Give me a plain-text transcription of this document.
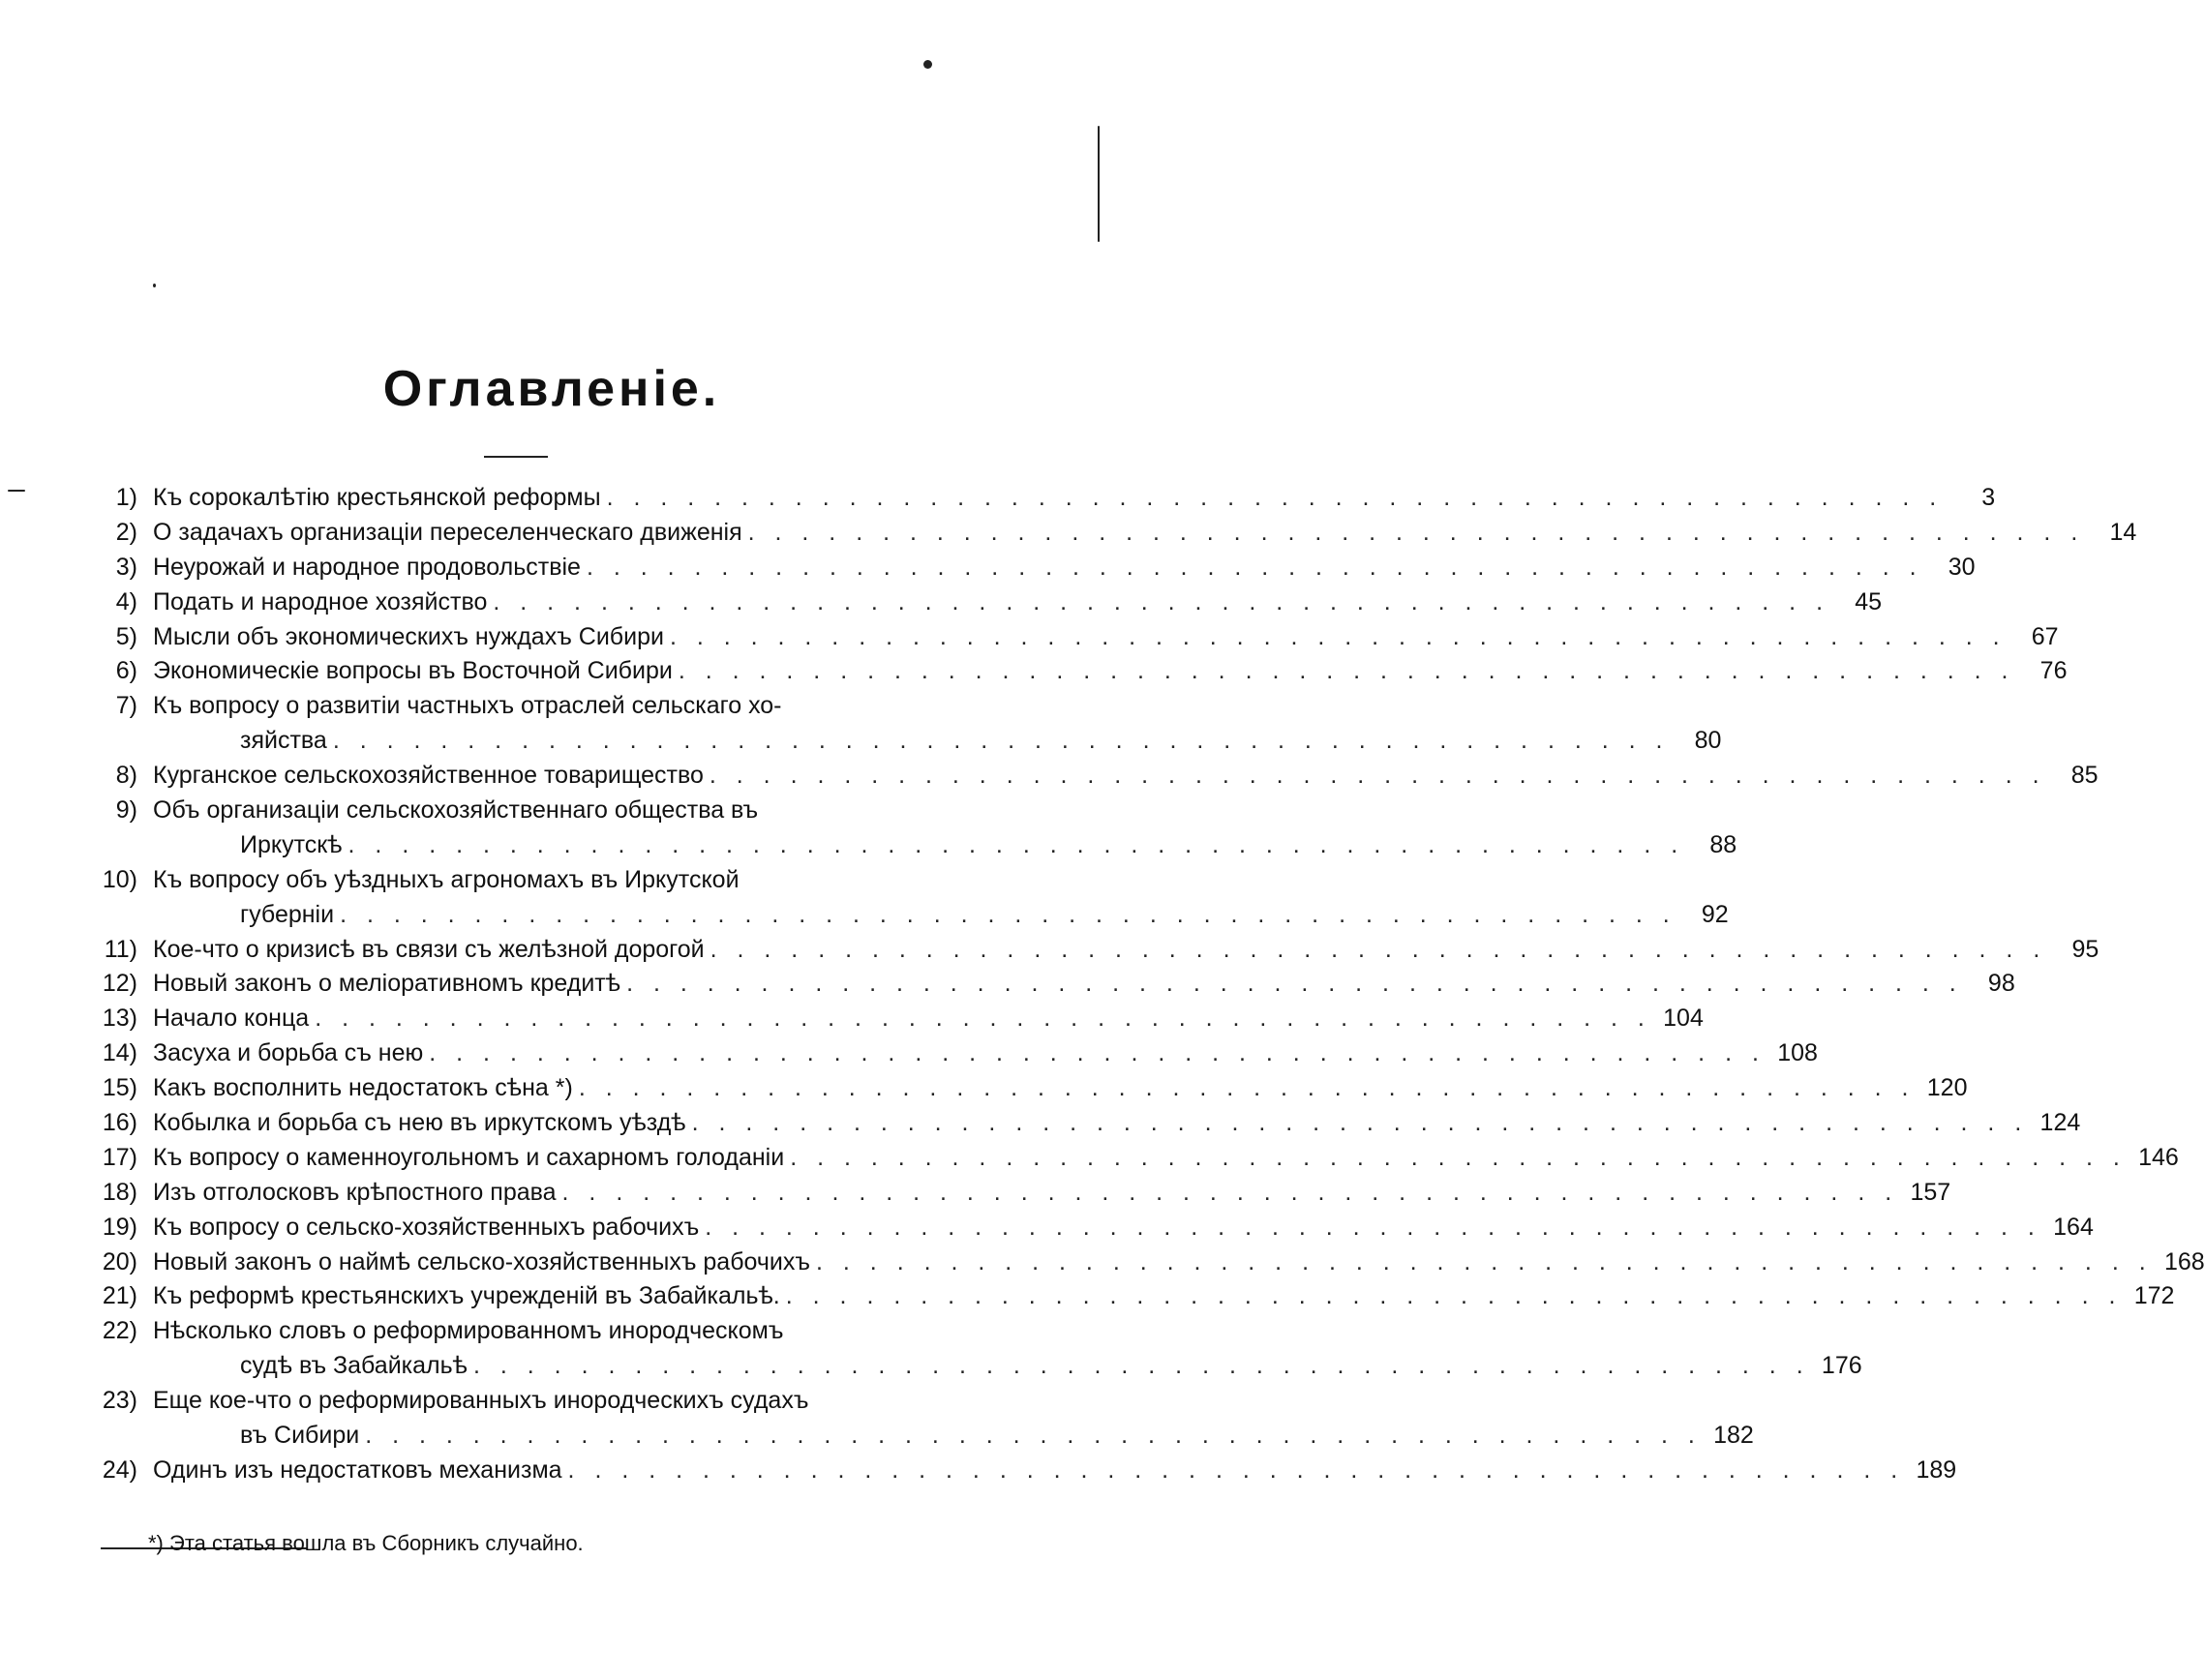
Оглавленіе.
1) Къ сорокалѣтію крестьянской реформы . . . . . . . . . . . . . . . . . . . . . . . . . . . . . . . . . . . . . . . . . . . . . . . . . .	3
2) О задачахъ организаціи переселенческаго движенія . . . . . . . . . . . . . . . . . . . . . . . . . . . . . . . . . . . . . . . . . . . . . . . . . .	14
3) Неурожай и народное продовольствіе . . . . . . . . . . . . . . . . . . . . . . . . . . . . . . . . . . . . . . . . . . . . . . . . . .	30
4) Подать и народное хозяйство . . . . . . . . . . . . . . . . . . . . . . . . . . . . . . . . . . . . . . . . . . . . . . . . . .	45
5) Мысли объ экономическихъ нуждахъ Сибири . . . . . . . . . . . . . . . . . . . . . . . . . . . . . . . . . . . . . . . . . . . . . . . . . .	67
6) Экономическіе вопросы въ Восточной Сибири . . . . . . . . . . . . . . . . . . . . . . . . . . . . . . . . . . . . . . . . . . . . . . . . . .	76
7) Къ вопросу о развитіи частныхъ отраслей сельскаго хо-
зяйства . . . . . . . . . . . . . . . . . . . . . . . . . . . . . . . . . . . . . . . . . . . . . . . . . .	80
8) Курганское сельскохозяйственное товарищество . . . . . . . . . . . . . . . . . . . . . . . . . . . . . . . . . . . . . . . . . . . . . . . . . .	85
9) Объ организаціи сельскохозяйственнаго общества въ
Иркутскѣ . . . . . . . . . . . . . . . . . . . . . . . . . . . . . . . . . . . . . . . . . . . . . . . . . .	88
10) Къ вопросу объ уѣздныхъ агрономахъ въ Иркутской
губерніи . . . . . . . . . . . . . . . . . . . . . . . . . . . . . . . . . . . . . . . . . . . . . . . . . .	92
11) Кое-что о кризисѣ въ связи съ желѣзной дорогой . . . . . . . . . . . . . . . . . . . . . . . . . . . . . . . . . . . . . . . . . . . . . . . . . .	95
12) Новый законъ о меліоративномъ кредитѣ . . . . . . . . . . . . . . . . . . . . . . . . . . . . . . . . . . . . . . . . . . . . . . . . . .	98
13) Начало конца . . . . . . . . . . . . . . . . . . . . . . . . . . . . . . . . . . . . . . . . . . . . . . . . . . 104
14) Засуха и борьба съ нею . . . . . . . . . . . . . . . . . . . . . . . . . . . . . . . . . . . . . . . . . . . . . . . . . . 108
15) Какъ восполнить недостатокъ сѣна *) . . . . . . . . . . . . . . . . . . . . . . . . . . . . . . . . . . . . . . . . . . . . . . . . . . 120
16) Кобылка и борьба съ нею въ иркутскомъ уѣздѣ . . . . . . . . . . . . . . . . . . . . . . . . . . . . . . . . . . . . . . . . . . . . . . . . . . 124
17) Къ вопросу о каменноугольномъ и сахарномъ голоданіи . . . . . . . . . . . . . . . . . . . . . . . . . . . . . . . . . . . . . . . . . . . . . . . . . . 146
18) Изъ отголосковъ крѣпостного права . . . . . . . . . . . . . . . . . . . . . . . . . . . . . . . . . . . . . . . . . . . . . . . . . . 157
19) Къ вопросу о сельско-хозяйственныхъ рабочихъ . . . . . . . . . . . . . . . . . . . . . . . . . . . . . . . . . . . . . . . . . . . . . . . . . . 164
20) Новый законъ о наймѣ сельско-хозяйственныхъ рабочихъ . . . . . . . . . . . . . . . . . . . . . . . . . . . . . . . . . . . . . . . . . . . . . . . . . . 168
21) Къ реформѣ крестьянскихъ учрежденій въ Забайкальѣ. . . . . . . . . . . . . . . . . . . . . . . . . . . . . . . . . . . . . . . . . . . . . . . . . . . 172
22) Нѣсколько словъ о реформированномъ инородческомъ
судѣ въ Забайкальѣ . . . . . . . . . . . . . . . . . . . . . . . . . . . . . . . . . . . . . . . . . . . . . . . . . . 176
23) Еще кое-что о реформированныхъ инородческихъ судахъ
въ Сибири . . . . . . . . . . . . . . . . . . . . . . . . . . . . . . . . . . . . . . . . . . . . . . . . . . 182
24) Одинъ изъ недостатковъ механизма . . . . . . . . . . . . . . . . . . . . . . . . . . . . . . . . . . . . . . . . . . . . . . . . . . 189
*) Эта статья вошла въ Сборникъ случайно.
